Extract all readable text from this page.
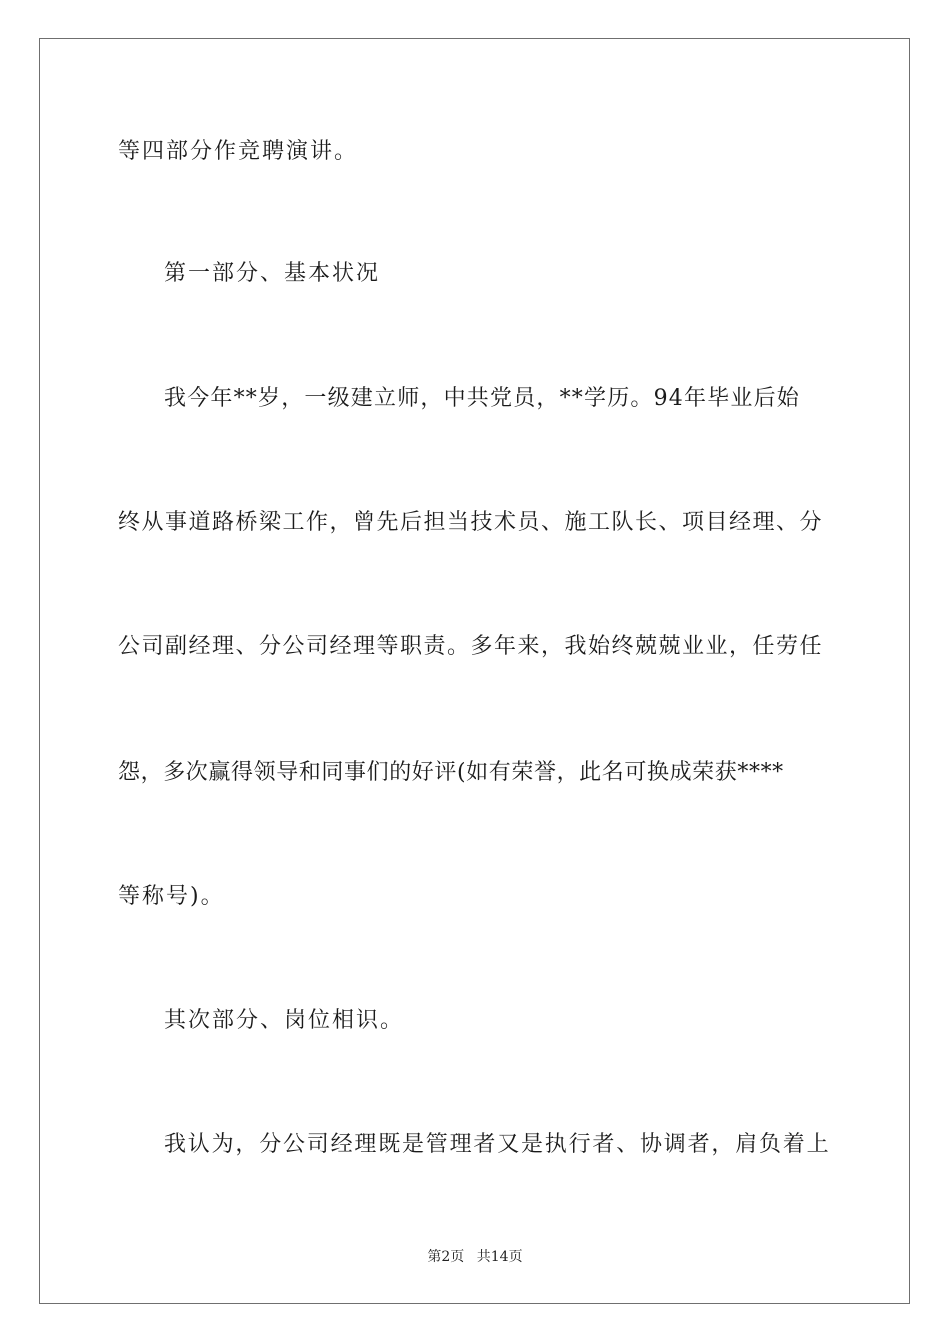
等四部分作竞聘演讲。
第一部分、基本状况
我今年**岁，一级建立师，中共党员，**学历。94年毕业后始
终从事道路桥梁工作，曾先后担当技术员、施工队长、项目经理、分
公司副经理、分公司经理等职责。多年来，我始终兢兢业业，任劳任
怨，多次赢得领导和同事们的好评(如有荣誉，此名可换成荣获****
等称号)。
其次部分、岗位相识。
我认为，分公司经理既是管理者又是执行者、协调者，肩负着上
第2页 共14页
